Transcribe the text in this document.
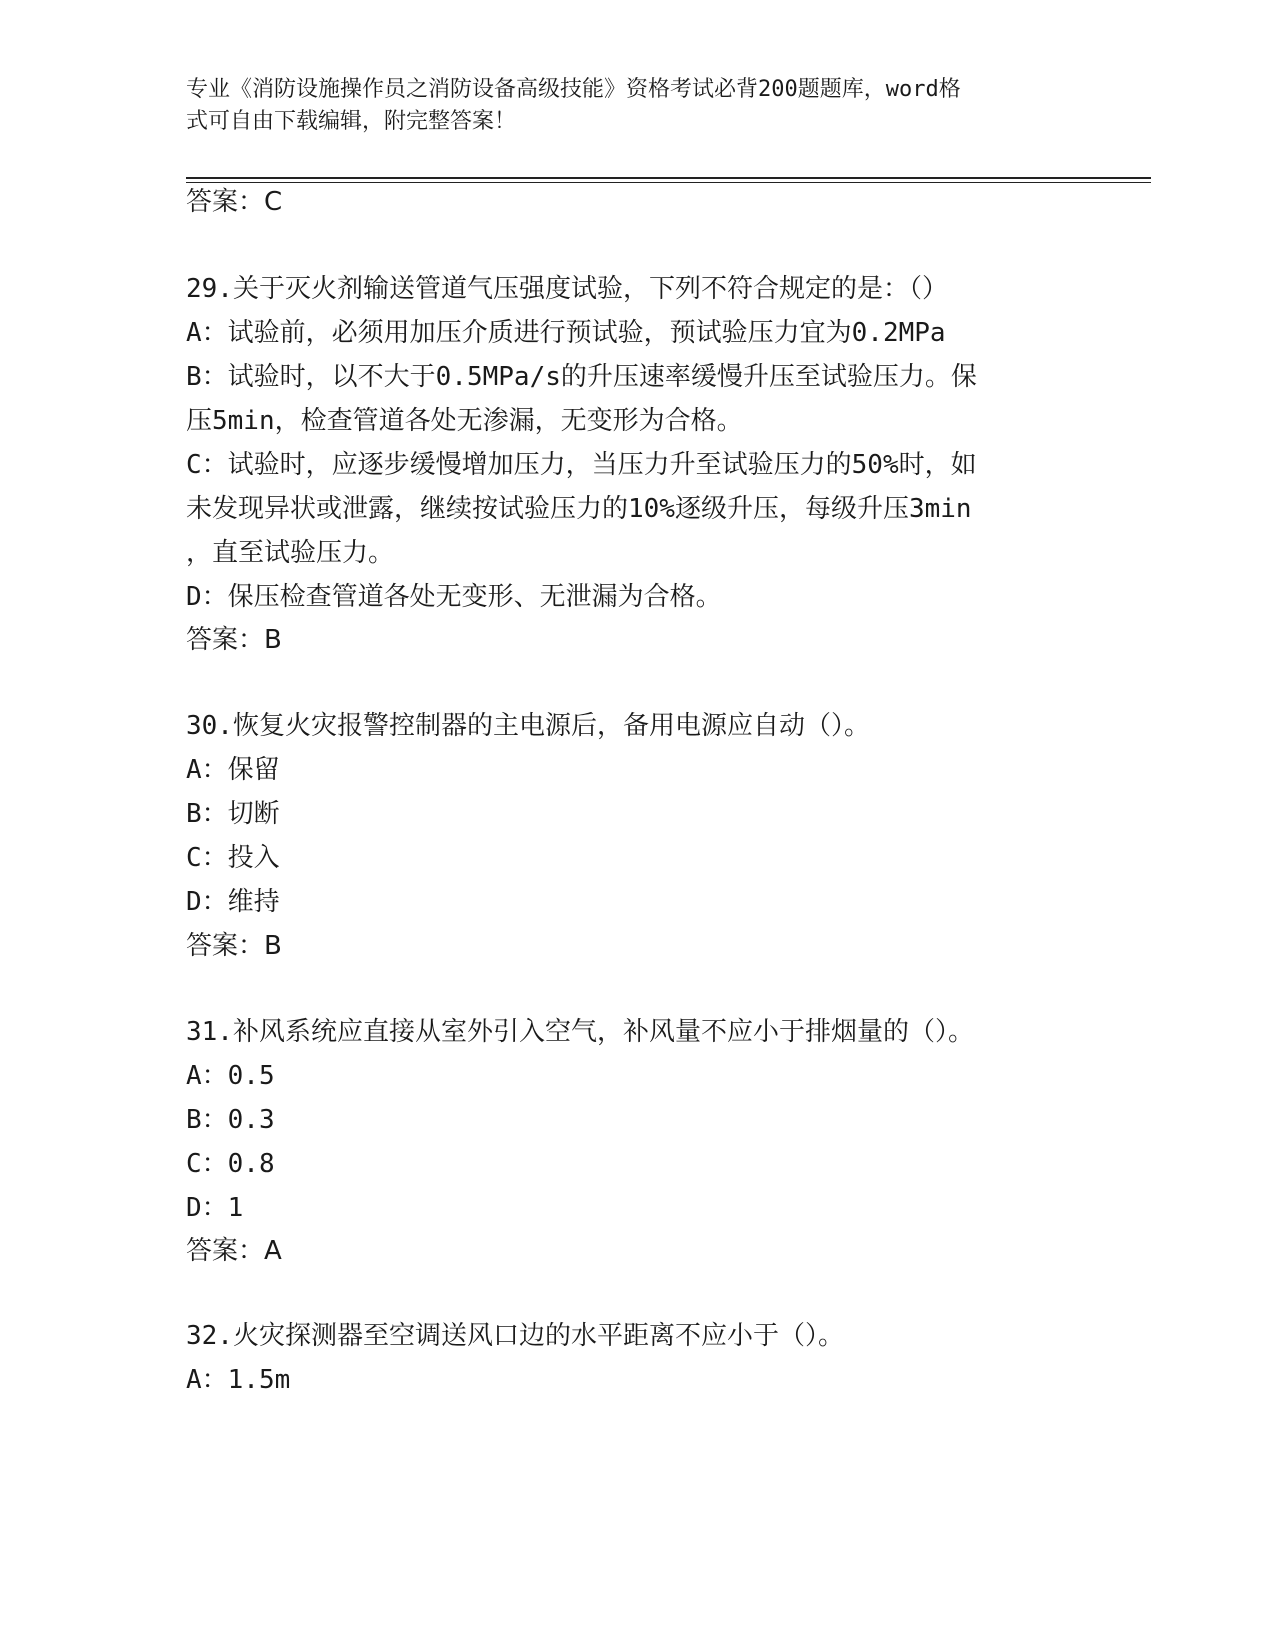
专业《消防设施操作员之消防设备高级技能》资格考试必背200题题库，word格
式可自由下载编辑，附完整答案！
答案：C
29.关于灭火剂输送管道气压强度试验，下列不符合规定的是：（）
A：试验前，必须用加压介质进行预试验，预试验压力宜为0.2MPa
B：试验时，以不大于0.5MPa/s的升压速率缓慢升压至试验压力。保
压5min，检查管道各处无渗漏，无变形为合格。
C：试验时，应逐步缓慢增加压力，当压力升至试验压力的50%时，如
未发现异状或泄露，继续按试验压力的10%逐级升压，每级升压3min
，直至试验压力。
D：保压检查管道各处无变形、无泄漏为合格。
答案：B
30.恢复火灾报警控制器的主电源后，备用电源应自动（）。
A：保留
B：切断
C：投入
D：维持
答案：B
31.补风系统应直接从室外引入空气，补风量不应小于排烟量的（）。
A：0.5
B：0.3
C：0.8
D：1
答案：A
32.火灾探测器至空调送风口边的水平距离不应小于（）。
A：1.5m
